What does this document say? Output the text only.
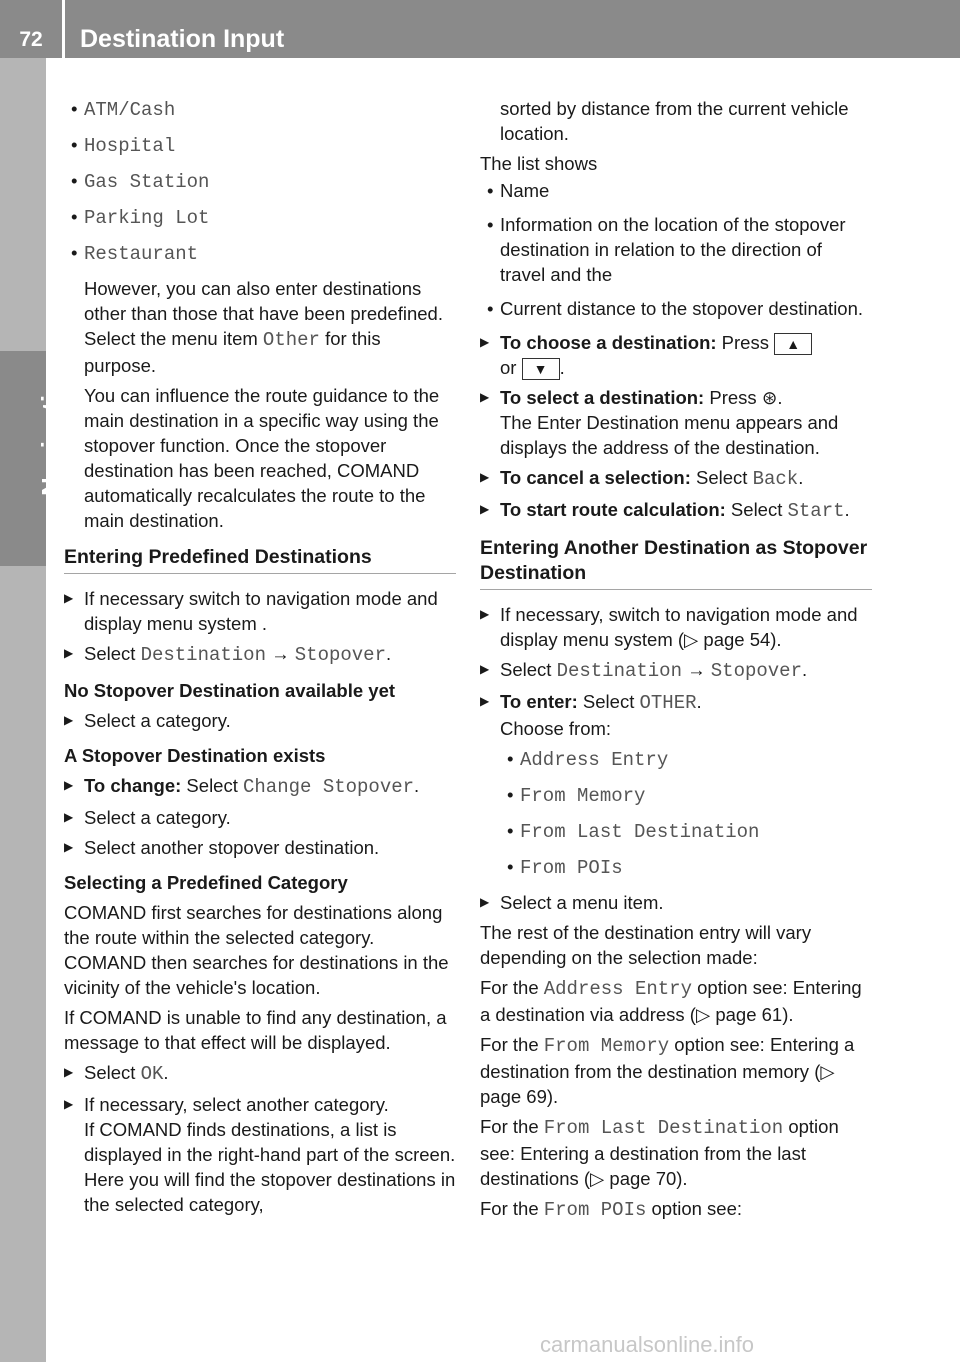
72	Destination Input
Navigation
• ATM/Cash
• Hospital
• Gas Station
• Parking Lot
• Restaurant

However, you can also enter destinations other than those that have been predefined. Select the menu item Other for this purpose.

You can influence the route guidance to the main destination in a specific way using the stopover function. Once the stopover destination has been reached, COMAND automatically recalculates the route to the main destination.

Entering Predefined Destinations
▶ If necessary switch to navigation mode and display menu system .
▶ Select Destination → Stopover.
No Stopover Destination available yet
▶ Select a category.
A Stopover Destination exists
▶ To change: Select Change Stopover.
▶ Select a category.
▶ Select another stopover destination.
Selecting a Predefined Category

COMAND first searches for destinations along the route within the selected category. COMAND then searches for destinations in the vicinity of the vehicle's location.

If COMAND is unable to find any destination, a message to that effect will be displayed.

▶ Select OK.
▶ If necessary, select another category.
If COMAND finds destinations, a list is displayed in the right-hand part of the screen. Here you will find the stopover destinations in the selected category,

sorted by distance from the current vehicle location.

The list shows
• Name
• Information on the location of the stopover destination in relation to the direction of travel and the
• Current distance to the stopover destination.
▶ To choose a destination: Press ▲
or ▼ .
▶ To select a destination: Press ⊛.
The Enter Destination menu appears and displays the address of the destination.
▶ To cancel a selection: Select Back.
▶ To start route calculation: Select Start.
Entering Another Destination as Stopover Destination
▶ If necessary, switch to navigation mode and display menu system (▷ page 54).
▶ Select Destination → Stopover.
▶ To enter: Select OTHER.
Choose from:
• Address Entry
• From Memory
• From Last Destination
• From POIs
▶ Select a menu item.

The rest of the destination entry will vary depending on the selection made:

For the Address Entry option see: Entering a destination via address (▷ page 61).

For the From Memory option see: Entering a destination from the destination memory (▷ page 69).

For the From Last Destination option see: Entering a destination from the last destinations (▷ page 70).

For the From POIs option see:

carmanualsonline.info
